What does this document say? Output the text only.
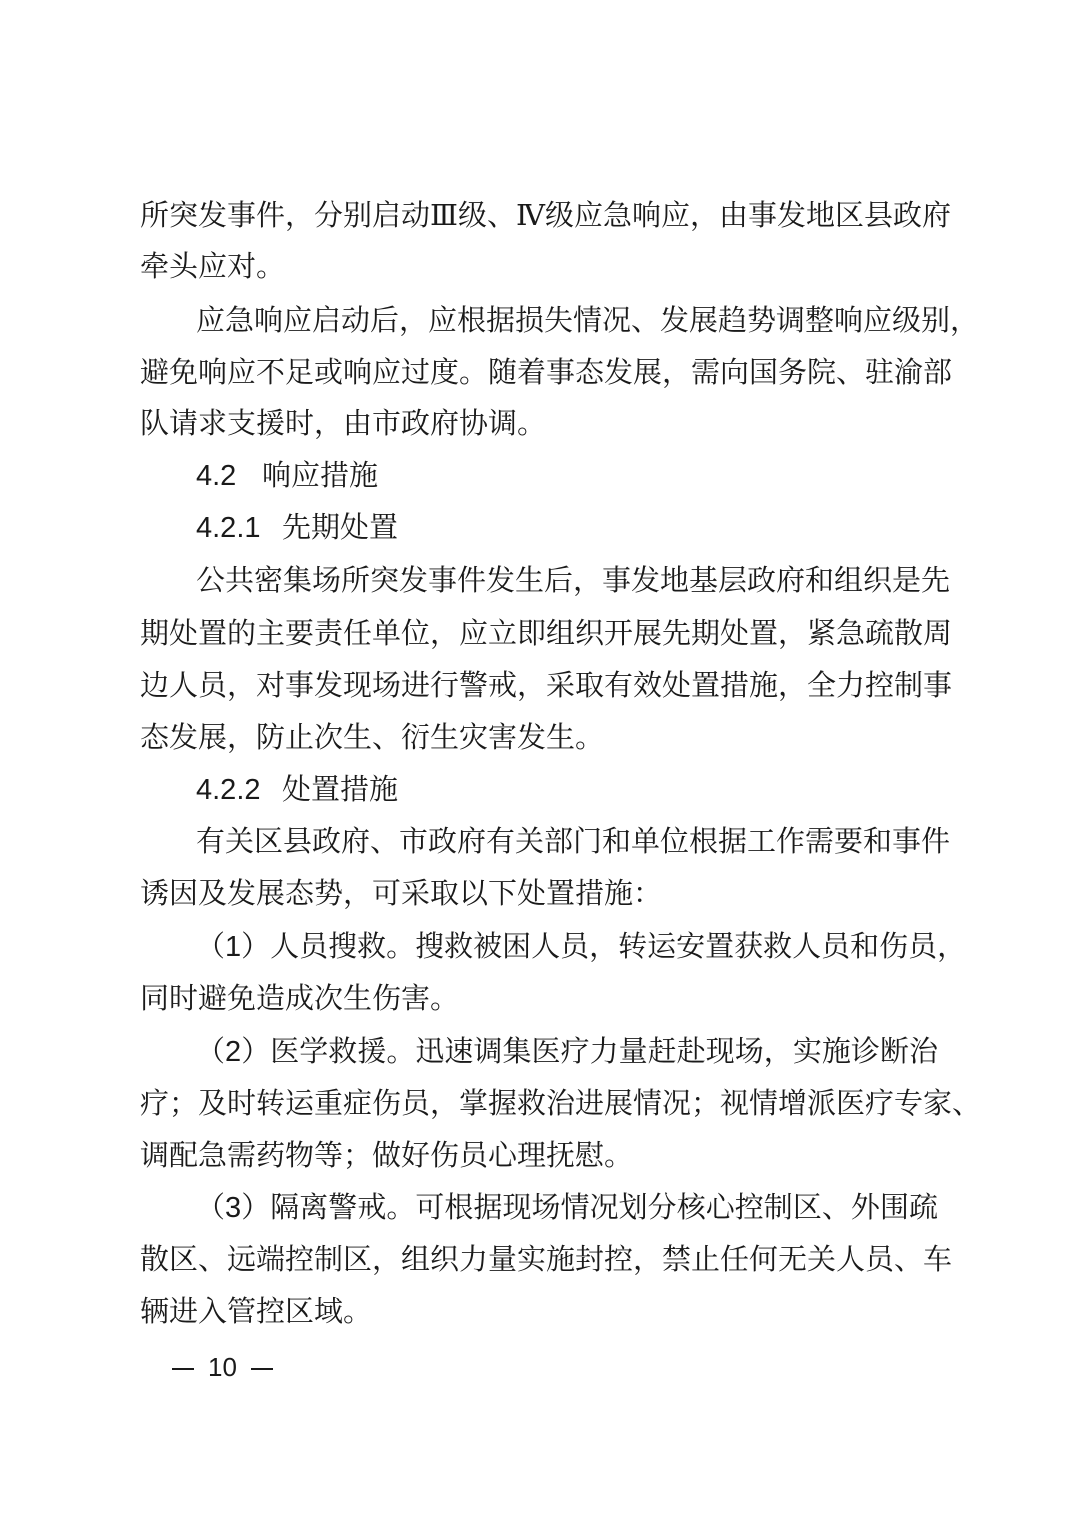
所突发事件，分别启动Ⅲ级、Ⅳ级应急响应，由事发地区县政府
牵头应对。
应急响应启动后，应根据损失情况、发展趋势调整响应级别，
避免响应不足或响应过度。随着事态发展，需向国务院、驻渝部
队请求支援时，由市政府协调。
4.2 响应措施
4.2.1 先期处置
公共密集场所突发事件发生后，事发地基层政府和组织是先
期处置的主要责任单位，应立即组织开展先期处置，紧急疏散周
边人员，对事发现场进行警戒，采取有效处置措施，全力控制事
态发展，防止次生、衍生灾害发生。
4.2.2 处置措施
有关区县政府、市政府有关部门和单位根据工作需要和事件
诱因及发展态势，可采取以下处置措施：
（1）人员搜救。搜救被困人员，转运安置获救人员和伤员，
同时避免造成次生伤害。
（2）医学救援。迅速调集医疗力量赶赴现场，实施诊断治
疗；及时转运重症伤员，掌握救治进展情况；视情增派医疗专家、
调配急需药物等；做好伤员心理抚慰。
（3）隔离警戒。可根据现场情况划分核心控制区、外围疏
散区、远端控制区，组织力量实施封控，禁止任何无关人员、车
辆进入管控区域。
10
